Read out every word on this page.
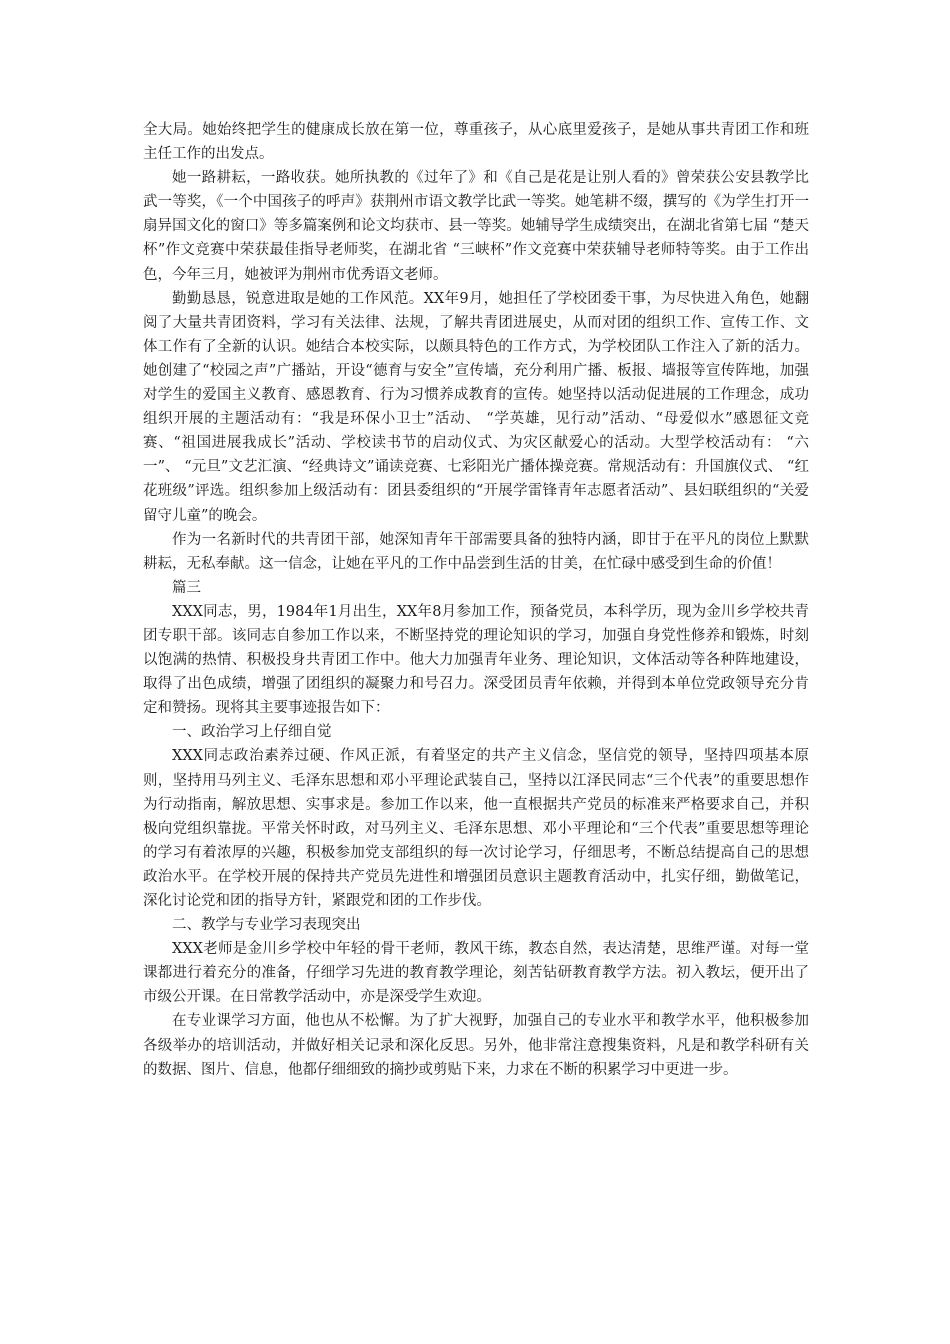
全大局。她始终把学生的健康成长放在第一位，尊重孩子，从心底里爱孩子，是她从事共青团工作和班主任工作的出发点。

她一路耕耘，一路收获。她所执教的《过年了》和《自己是花是让别人看的》曾荣获公安县教学比武一等奖，《一个中国孩子的呼声》获荆州市语文教学比武一等奖。她笔耕不缀，撰写的《为学生打开一扇异国文化的窗口》等多篇案例和论文均获市、县一等奖。她辅导学生成绩突出，在湖北省第七届 “楚天杯”作文竞赛中荣获最佳指导老师奖，在湖北省 “三峡杯”作文竞赛中荣获辅导老师特等奖。由于工作出色，今年三月，她被评为荆州市优秀语文老师。

勤勤恳恳，锐意进取是她的工作风范。XX年9月，她担任了学校团委干事，为尽快进入角色，她翻阅了大量共青团资料，学习有关法律、法规，了解共青团进展史，从而对团的组织工作、宣传工作、文体工作有了全新的认识。她结合本校实际，以颇具特色的工作方式，为学校团队工作注入了新的活力。她创建了“校园之声”广播站，开设“德育与安全”宣传墙，充分利用广播、板报、墙报等宣传阵地，加强对学生的爱国主义教育、感恩教育、行为习惯养成教育的宣传。她坚持以活动促进展的工作理念，成功组织开展的主题活动有：“我是环保小卫士”活动、 “学英雄，见行动”活动、“母爱似水”感恩征文竞赛、“祖国进展我成长”活动、学校读书节的启动仪式、为灾区献爱心的活动。大型学校活动有： “六一”、 “元旦”文艺汇演、“经典诗文”诵读竞赛、七彩阳光广播体操竞赛。常规活动有：升国旗仪式、 “红花班级”评选。组织参加上级活动有：团县委组织的“开展学雷锋青年志愿者活动”、县妇联组织的“关爱留守儿童”的晚会。

作为一名新时代的共青团干部，她深知青年干部需要具备的独特内涵，即甘于在平凡的岗位上默默耕耘，无私奉献。这一信念，让她在平凡的工作中品尝到生活的甘美，在忙碌中感受到生命的价值！

篇三

XXX同志，男，1984年1月出生，XX年8月参加工作，预备党员，本科学历，现为金川乡学校共青团专职干部。该同志自参加工作以来，不断坚持党的理论知识的学习，加强自身党性修养和锻炼，时刻以饱满的热情、积极投身共青团工作中。他大力加强青年业务、理论知识，文体活动等各种阵地建设，取得了出色成绩，增强了团组织的凝聚力和号召力。深受团员青年依赖，并得到本单位党政领导充分肯定和赞扬。现将其主要事迹报告如下：

一、政治学习上仔细自觉

XXX同志政治素养过硬、作风正派，有着坚定的共产主义信念，坚信党的领导，坚持四项基本原则，坚持用马列主义、毛泽东思想和邓小平理论武装自己，坚持以江泽民同志“三个代表”的重要思想作为行动指南，解放思想、实事求是。参加工作以来，他一直根据共产党员的标准来严格要求自己，并积极向党组织靠拢。平常关怀时政，对马列主义、毛泽东思想、邓小平理论和“三个代表”重要思想等理论的学习有着浓厚的兴趣，积极参加党支部组织的每一次讨论学习，仔细思考，不断总结提高自己的思想政治水平。在学校开展的保持共产党员先进性和增强团员意识主题教育活动中，扎实仔细，勤做笔记，深化讨论党和团的指导方针，紧跟党和团的工作步伐。

二、教学与专业学习表现突出

XXX老师是金川乡学校中年轻的骨干老师，教风干练，教态自然，表达清楚，思维严谨。对每一堂课都进行着充分的准备，仔细学习先进的教育教学理论，刻苦钻研教育教学方法。初入教坛，便开出了市级公开课。在日常教学活动中，亦是深受学生欢迎。

在专业课学习方面，他也从不松懈。为了扩大视野，加强自己的专业水平和教学水平，他积极参加各级举办的培训活动，并做好相关记录和深化反思。另外，他非常注意搜集资料，凡是和教学科研有关的数据、图片、信息，他都仔细细致的摘抄或剪贴下来，力求在不断的积累学习中更进一步。
